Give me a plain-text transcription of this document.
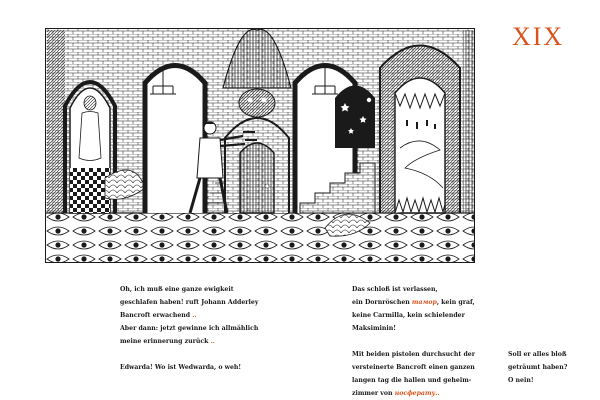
XIX
Oh, ich muß eine ganze ewigkeit
geschlafen haben! ruft Johann Adderley
Bancroft erwachend ..
Aber dann: jetzt gewinne ich allmählich
meine erinnerung zurück ..
Edwarda! Wo ist Wedwarda, o weh!
Das schloß ist verlassen,
ein Dornröschen тамор, kein graf,
keine Carmilla, kein schielender
Maksiminin!
Mit beiden pistolen durchsucht der
versteinerte Bancroft einen ganzen
langen tag die hallen und geheim-
zimmer von носферату..
Soll er alles bloß
geträumt haben?
O nein!
